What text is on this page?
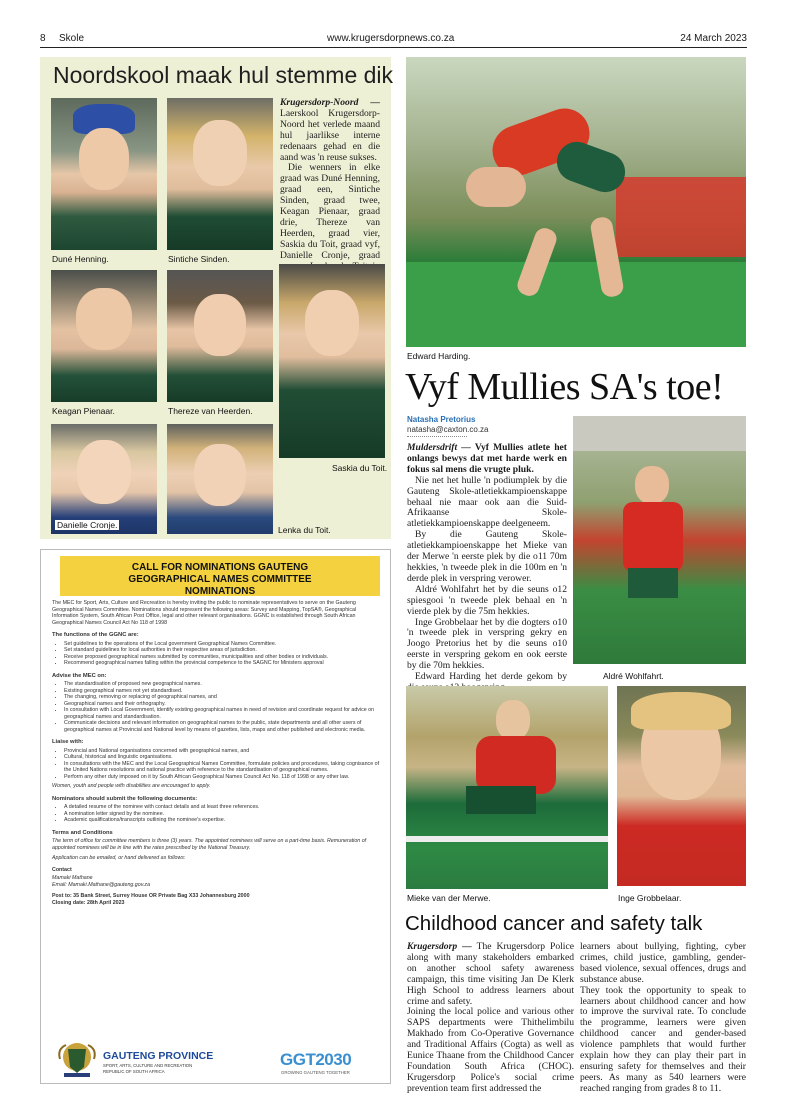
8 Skole	www.krugersdorpnews.co.za	24 March 2023
Noordskool maak hul stemme dik
Duné Henning.	Sintiche Sinden.

Krugersdorp-Noord — Laerskool Krugersdorp-Noord het verlede maand hul jaarlikse interne redenaars gehad en die aand was 'n reuse sukses.

Die wenners in elke graad was Duné Henning, graad een, Sintiche Sinden, graad twee, Keagan Pienaar, graad drie, Thereze van Heerden, graad vier, Saskia du Toit, graad vyf, Danielle Cronje, graad

Keagan Pienaar.	Thereze van Heerden.
Saskia du Toit.
Danielle Cronje.	Lenka du Toit.
CALL FOR NOMINATIONS GAUTENG GEOGRAPHICAL NAMES COMMITTEE NOMINATIONS

The MEC for Sport, Arts, Culture and Recreation is hereby inviting the public to nominate representatives to serve on the Gauteng Geographical Names Committee. Nominations should represent the following areas: Survey and Mapping, TopSA®, Geographical Information System, South African Post Office, legal and other relevant organisations. GGNC is established through South African Geographical Names Council Act No 118 of 1998

The functions of the GGNC are:

• Set guidelines to the operations of the Local government Geographical Names Committee.
• Set standard guidelines for local authorities in their respective areas of jurisdiction.
• Receive proposed geographical names submitted by communities, municipalities and other bodies or individuals.
• Recommend geographical names falling within the provincial competence to the SAGNC for Ministers approval

Advise the MEC on:

• The standardisation of proposed new geographical names.
• Existing geographical names not yet standardised.
• The changing, removing or replacing of geographical names, and
• Geographical names and their orthography.
• In consultation with Local Government, identify existing geographical names in need of revision and coordinate request for advice on geographical names and standardisation.
• Communicate decisions and relevant information on geographical names to the public, state departments and all other users of geographical names at Provincial and National level by means of gazettes, lists, maps and other published and electronic media.

Liaise with:

• Provincial and National organisations concerned with geographical names, and
• Cultural, historical and linguistic organisations.
• In consultations with the MEC and the Local Geographical Names Committee, formulate policies and procedures, taking cognisance of the United Nations resolutions and national practice with reference to the standardisation of geographical names.
• Perform any other duty imposed on it by South African Geographical Names Council Act No. 118 of 1998 or any other law.

Women, youth and people with disabilities are encouraged to apply.

Nominators should submit the following documents:

• A detailed resume of the nominee with contact details and at least three references.
• A nomination letter signed by the nominee.
• Academic qualifications/transcripts outlining the nominee's expertise.

Terms and Conditions

The term of office for committee members is three (3) years. The appointed nominees will serve on a part-time basis. Remuneration of appointed nominees will be in line with the rates prescribed by the National Treasury.

Application can be emailed, or hand delivered as follows:

Contact

Mamaki Mathane

Email: Mamaki.Mathane@gauteng.gov.za

Post to: 35 Bank Street, Surrey House OR Private Bag X33 Johannesburg 2000

Closing date: 28th April 2023

GAUTENG PROVINCE
SPORT, ARTS, CULTURE AND RECREATION
REPUBLIC OF SOUTH AFRICA
GGT2030
GROWING GAUTENG TOGETHER
Edward Harding.
Vyf Mullies SA's toe!
Natasha Pretorius
natasha@caxton.co.za

Muldersdrift — Vyf Mullies atlete het onlangs bewys dat met harde werk en fokus sal mens die vrugte pluk.

Nie net het hulle 'n podiumplek by die Gauteng Skole-atletiekkampioenskappe behaal nie maar ook aan die Suid-Afrikaanse Skole-atletiekkampioenskappe deelgeneem.

By die Gauteng Skole-atletiekkampioenskappe het Mieke van der Merwe 'n eerste plek by die o11 70m hekkies, 'n tweede plek in die 100m en 'n derde plek in verspring verower.

Aldré Wohlfahrt het by die seuns o12 spiesgooi 'n tweede plek behaal en 'n vierde plek by die 75m hekkies.

Inge Grobbelaar het by die dogters o10 'n tweede plek in verspring gekry en Joogo Pretorius het by die seuns o10 eerste in verspring gekom en ook eerste by die 70m hekkies.

Edward Harding het derde gekom by	Aldré Wohlfahrt.
Mieke van der Merwe.	Inge Grobbelaar.
Childhood cancer and safety talk

Krugersdorp — The Krugersdorp Police along with many stakeholders embarked on another school safety awareness campaign, this time visiting Jan De Klerk High School to address learners about crime and safety.

Joining the local police and various other SAPS departments were Thithelimbilu Makhado from Co-Operative Governance and Traditional Affairs (Cogta) as well as Eunice Thaane from the Childhood Cancer Foundation South Africa (CHOC). Krugersdorp Police's social crime prevention team first addressed the

learners about bullying, fighting, cyber crimes, child justice, gambling, gender-based violence, sexual offences, drugs and substance abuse.

They took the opportunity to speak to learners about childhood cancer and how to improve the survival rate. To conclude the programme, learners were given childhood cancer and gender-based violence pamphlets that would further explain how they can play their part in ensuring safety for themselves and their peers. As many as 540 learners were reached ranging from grades 8 to 11.
